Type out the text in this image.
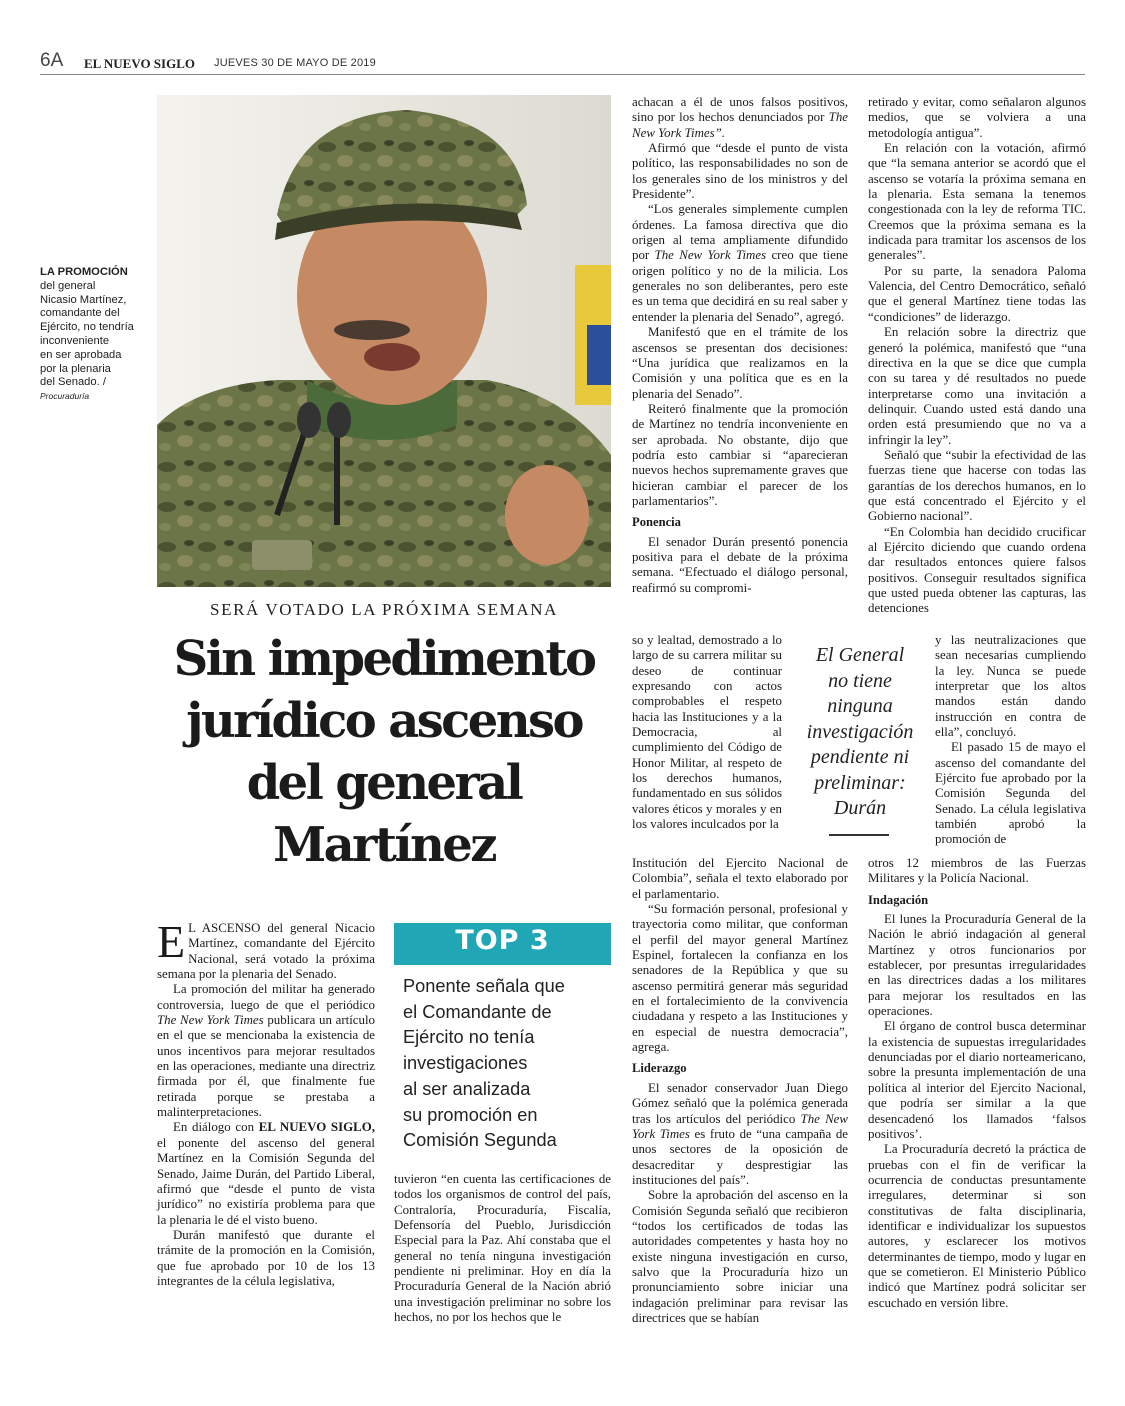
6A EL NUEVO SIGLO JUEVES 30 DE MAYO DE 2019
LA PROMOCIÓN
del general
Nicasio Martínez,
comandante del
Ejército, no tendría
inconveniente
en ser aprobada
por la plenaria
del Senado. /
Procuraduría
SERÁ VOTADO LA PRÓXIMA SEMANA
Sin impedimento
jurídico ascenso
del general
Martínez

E L ASCENSO del general Nicacio Martínez, comandante del Ejército Nacional, será votado la próxima semana por la plenaria del Senado.

La promoción del militar ha generado controversia, luego de que el periódico The New York Times publicara un artículo en el que se mencionaba la existencia de unos incentivos para mejorar resultados en las operaciones, mediante una directriz firmada por él, que finalmente fue retirada porque se prestaba a malinterpretaciones.

En diálogo con EL NUEVO SIGLO, el ponente del ascenso del general Martínez en la Comisión Segunda del Senado, Jaime Durán, del Partido Liberal, afirmó que “desde el punto de vista jurídico” no existiría problema para que la plenaria le dé el visto bueno.

Durán manifestó que durante el trámite de la promoción en la Comisión, que fue aprobado por 10 de los 13 integrantes de la célula legislativa,

TOP 3
Ponente señala que
el Comandante de
Ejército no tenía
investigaciones
al ser analizada
su promoción en
Comisión Segunda

tuvieron “en cuenta las certificaciones de todos los organismos de control del país, Contraloría, Procuraduría, Fiscalía, Defensoría del Pueblo, Jurisdicción Especial para la Paz. Ahí constaba que el general no tenía ninguna investigación pendiente ni preliminar. Hoy en día la Procuraduría General de la Nación abrió una investigación preliminar no sobre los hechos, no por los hechos que le

achacan a él de unos falsos positivos, sino por los hechos denunciados por The New York Times”.

Afirmó que “desde el punto de vista político, las responsabilidades no son de los generales sino de los ministros y del Presidente”.

“Los generales simplemente cumplen órdenes. La famosa directiva que dio origen al tema ampliamente difundido por The New York Times creo que tiene origen político y no de la milicia. Los generales no son deliberantes, pero este es un tema que decidirá en su real saber y entender la plenaria del Senado”, agregó.

Manifestó que en el trámite de los ascensos se presentan dos decisiones: “Una jurídica que realizamos en la Comisión y una política que es en la plenaria del Senado”.

Reiteró finalmente que la promoción de Martínez no tendría inconveniente en ser aprobada. No obstante, dijo que podría esto cambiar si “aparecieran nuevos hechos supremamente graves que hicieran cambiar el parecer de los parlamentarios”.

Ponencia

El senador Durán presentó ponencia positiva para el debate de la próxima semana. “Efectuado el diálogo personal, reafirmó su compromi-

so y lealtad, demostrado a lo largo de su carrera militar su deseo de continuar expresando con actos comprobables el respeto hacia las Instituciones y a la Democracia, al cumplimiento del Código de Honor Militar, al respeto de los derechos humanos, fundamentado en sus sólidos valores éticos y morales y en los valores inculcados por la

Institución del Ejercito Nacional de Colombia”, señala el texto elaborado por el parlamentario.

“Su formación personal, profesional y trayectoria como militar, que conforman el perfil del mayor general Martínez Espinel, fortalecen la confianza en los senadores de la República y que su ascenso permitirá generar más seguridad en el fortalecimiento de la convivencia ciudadana y respeto a las Instituciones y en especial de nuestra democracia”, agrega.

Liderazgo

El senador conservador Juan Diego Gómez señaló que la polémica generada tras los artículos del periódico The New York Times es fruto de “una campaña de unos sectores de la oposición de desacreditar y desprestigiar las instituciones del país”.

Sobre la aprobación del ascenso en la Comisión Segunda señaló que recibieron “todos los certificados de todas las autoridades competentes y hasta hoy no existe ninguna investigación en curso, salvo que la Procuraduría hizo un pronunciamiento sobre iniciar una indagación preliminar para revisar las directrices que se habían

El General
no tiene
ninguna
investigación
pendiente ni
preliminar:
Durán

retirado y evitar, como señalaron algunos medios, que se volviera a una metodología antigua”.

En relación con la votación, afirmó que “la semana anterior se acordó que el ascenso se votaría la próxima semana en la plenaria. Esta semana la tenemos congestionada con la ley de reforma TIC. Creemos que la próxima semana es la indicada para tramitar los ascensos de los generales”.

Por su parte, la senadora Paloma Valencia, del Centro Democrático, señaló que el general Martínez tiene todas las “condiciones” de liderazgo.

En relación sobre la directriz que generó la polémica, manifestó que “una directiva en la que se dice que cumpla con su tarea y dé resultados no puede interpretarse como una invitación a delinquir. Cuando usted está dando una orden está presumiendo que no va a infringir la ley”.

Señaló que “subir la efectividad de las fuerzas tiene que hacerse con todas las garantías de los derechos humanos, en lo que está concentrado el Ejército y el Gobierno nacional”.

“En Colombia han decidido crucificar al Ejército diciendo que cuando ordena dar resultados entonces quiere falsos positivos. Conseguir resultados significa que usted pueda obtener las capturas, las detenciones

y las neutralizaciones que sean necesarias cumpliendo la ley. Nunca se puede interpretar que los altos mandos están dando instrucción en contra de ella”, concluyó.

El pasado 15 de mayo el ascenso del comandante del Ejército fue aprobado por la Comisión Segunda del Senado. La célula legislativa también aprobó la promoción de

otros 12 miembros de las Fuerzas Militares y la Policía Nacional.

Indagación

El lunes la Procuraduría General de la Nación le abrió indagación al general Martínez y otros funcionarios por establecer, por presuntas irregularidades en las directrices dadas a los militares para mejorar los resultados en las operaciones.

El órgano de control busca determinar la existencia de supuestas irregularidades denunciadas por el diario norteamericano, sobre la presunta implementación de una política al interior del Ejercito Nacional, que podría ser similar a la que desencadenó los llamados ‘falsos positivos’.

La Procuraduría decretó la práctica de pruebas con el fin de verificar la ocurrencia de conductas presuntamente irregulares, determinar si son constitutivas de falta disciplinaria, identificar e individualizar los supuestos autores, y esclarecer los motivos determinantes de tiempo, modo y lugar en que se cometieron. El Ministerio Público indicó que Martínez podrá solicitar ser escuchado en versión libre.
